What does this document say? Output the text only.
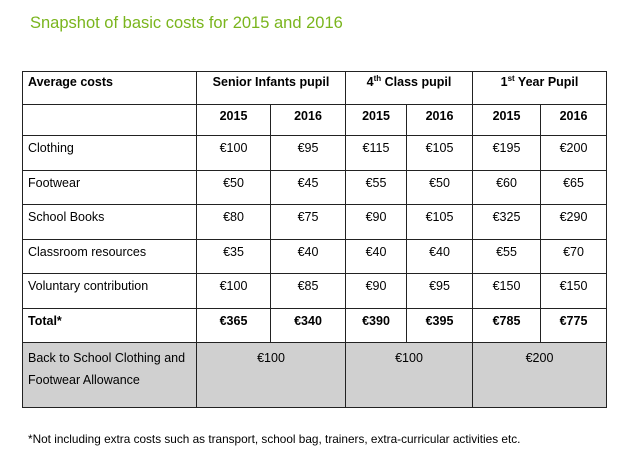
Snapshot of basic costs for 2015 and 2016
Average costs	Senior Infants pupil		4th Class pupil		1st Year Pupil	
	2015	2016	2015	2016	2015	2016
Clothing	€100	€95	€115	€105	€195	€200
Footwear	€50	€45	€55	€50	€60	€65
School Books	€80	€75	€90	€105	€325	€290
Classroom resources	€35	€40	€40	€40	€55	€70
Voluntary contribution	€100	€85	€90	€95	€150	€150
Total*	€365	€340	€390	€395	€785	€775
Back to School Clothing and Footwear Allowance	€100		€100		€200	
*Not including extra costs such as transport, school bag, trainers, extra-curricular activities etc.
